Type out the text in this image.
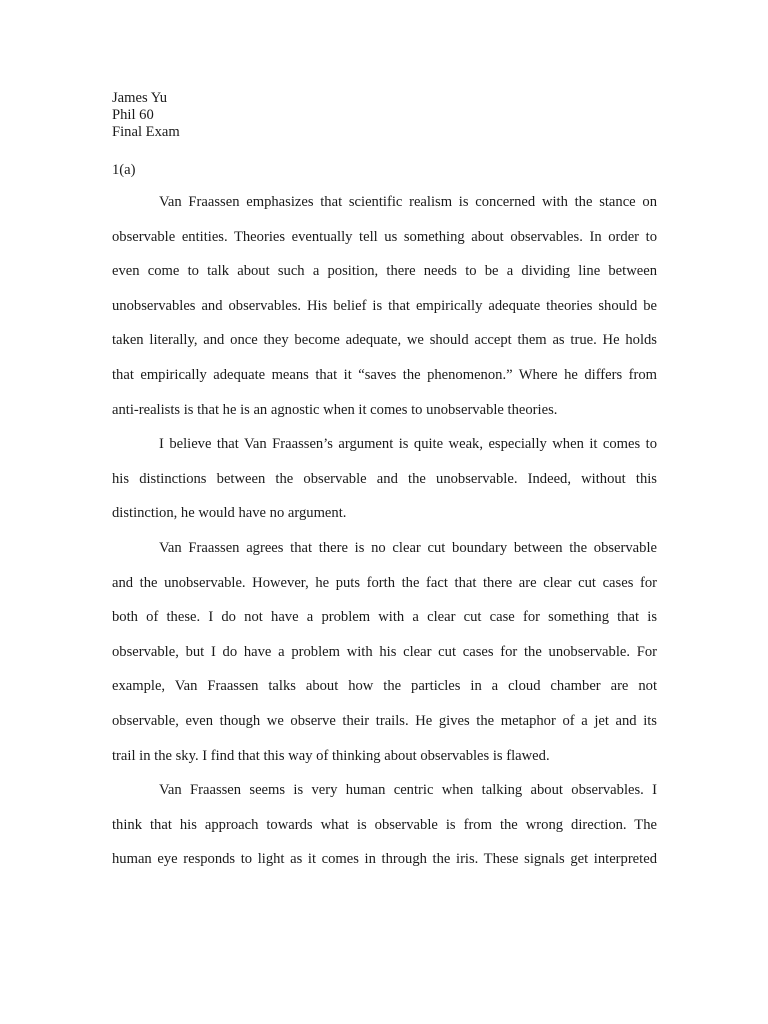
James Yu
Phil 60
Final Exam
1(a)
Van Fraassen emphasizes that scientific realism is concerned with the stance on
observable entities. Theories eventually tell us something about observables. In order to
even come to talk about such a position, there needs to be a dividing line between
unobservables and observables. His belief is that empirically adequate theories should be
taken literally, and once they become adequate, we should accept them as true. He holds
that empirically adequate means that it “saves the phenomenon.” Where he differs from
anti-realists is that he is an agnostic when it comes to unobservable theories.
I believe that Van Fraassen’s argument is quite weak, especially when it comes to
his distinctions between the observable and the unobservable. Indeed, without this
distinction, he would have no argument.
Van Fraassen agrees that there is no clear cut boundary between the observable
and the unobservable. However, he puts forth the fact that there are clear cut cases for
both of these. I do not have a problem with a clear cut case for something that is
observable, but I do have a problem with his clear cut cases for the unobservable. For
example, Van Fraassen talks about how the particles in a cloud chamber are not
observable, even though we observe their trails. He gives the metaphor of a jet and its
trail in the sky. I find that this way of thinking about observables is flawed.
Van Fraassen seems is very human centric when talking about observables. I
think that his approach towards what is observable is from the wrong direction. The
human eye responds to light as it comes in through the iris. These signals get interpreted
